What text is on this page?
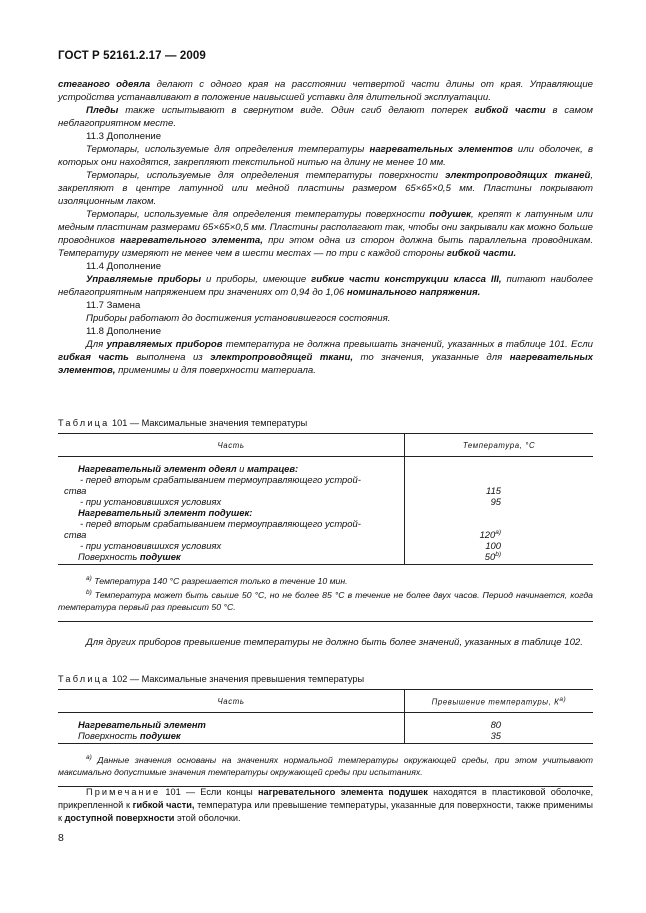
ГОСТ Р 52161.2.17 — 2009

стеганого одеяла делают с одного края на расстоянии четвертой части длины от края. Управляющие устройства устанавливают в положение наивысшей уставки для длительной эксплуатации.

Пледы также испытывают в свернутом виде. Один сгиб делают поперек гибкой части в самом неблагоприятном месте.

11.3 Дополнение

Термопары, используемые для определения температуры нагревательных элементов или оболочек, в которых они находятся, закрепляют текстильной нитью на длину не менее 10 мм.

Термопары, используемые для определения температуры поверхности электропроводящих тканей, закрепляют в центре латунной или медной пластины размером 65×65×0,5 мм. Пластины покрывают изоляционным лаком.

Термопары, используемые для определения температуры поверхности подушек, крепят к латунным или медным пластинам размерами 65×65×0,5 мм. Пластины располагают так, чтобы они закрывали как можно больше проводников нагревательного элемента, при этом одна из сторон должна быть параллельна проводникам. Температуру измеряют не менее чем в шести местах — по три с каждой стороны гибкой части.

11.4 Дополнение

Управляемые приборы и приборы, имеющие гибкие части конструкции класса III, питают наиболее неблагоприятным напряжением при значениях от 0,94 до 1,06 номинального напряжения.

11.7 Замена

Приборы работают до достижения установившегося состояния.

11.8 Дополнение

Для управляемых приборов температура не должна превышать значений, указанных в таблице 101. Если гибкая часть выполнена из электропроводящей ткани, то значения, указанные для нагревательных элементов, применимы и для поверхности материала.

Таблица 101 — Максимальные значения температуры
Часть	Температура, °С

Нагревательный элемент одеял и матрацев:	

- перед вторым срабатыванием термоуправляющего устрой-	

ства	115

- при установившихся условиях	95

Нагревательный элемент подушек:	

- перед вторым срабатыванием термоуправляющего устрой-	

ства	120$^{a)}$

- при установившихся условиях	100

Поверхность подушек	50$^{b)}$

$^{a)}$ Температура 140 °С разрешается только в течение 10 мин.
$^{b)}$ Температура может быть свыше 50 °С, но не более 85 °С в течение не более двух часов. Период начинается, когда температура первый раз превысит 50 °С.	

Для других приборов превышение температуры не должно быть более значений, указанных в таблице 102.

Таблица 102 — Максимальные значения превышения температуры
Часть	Превышение температуры, $К^{а)}$

Нагревательный элемент	80

Поверхность подушек	35

$^{а)}$ Данные значения основаны на значениях нормальной температуры окружающей среды, при этом учитывают максимально допустимые значения температуры окружающей среды при испытаниях.	
Примечание 101 — Если концы нагревательного элемента подушек находятся в пластиковой оболочке, прикрепленной к гибкой части, температура или превышение температуры, указанные для поверхности, также применимы к доступной поверхности этой оболочки.
8
